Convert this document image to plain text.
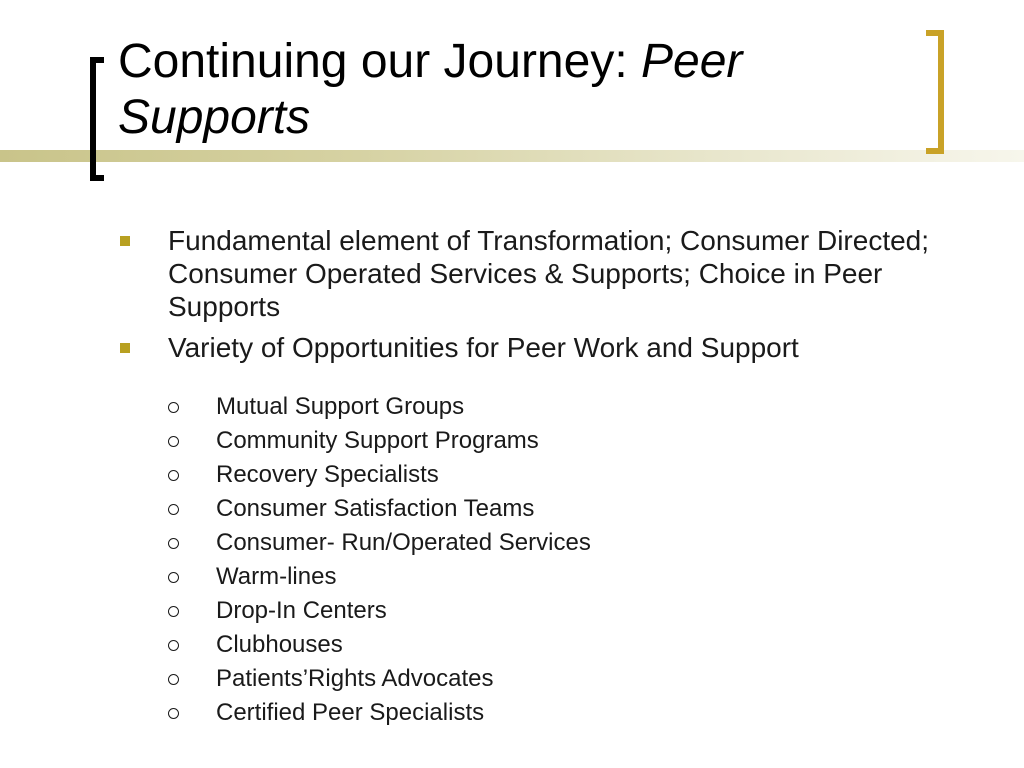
Continuing our Journey: Peer
Supports
Fundamental element of Transformation; Consumer Directed; Consumer Operated Services & Supports; Choice in Peer Supports
Variety of Opportunities for Peer Work and Support
Mutual Support Groups
Community Support Programs
Recovery Specialists
Consumer Satisfaction Teams
Consumer- Run/Operated Services
Warm-lines
Drop-In Centers
Clubhouses
Patients’Rights Advocates
Certified Peer Specialists
